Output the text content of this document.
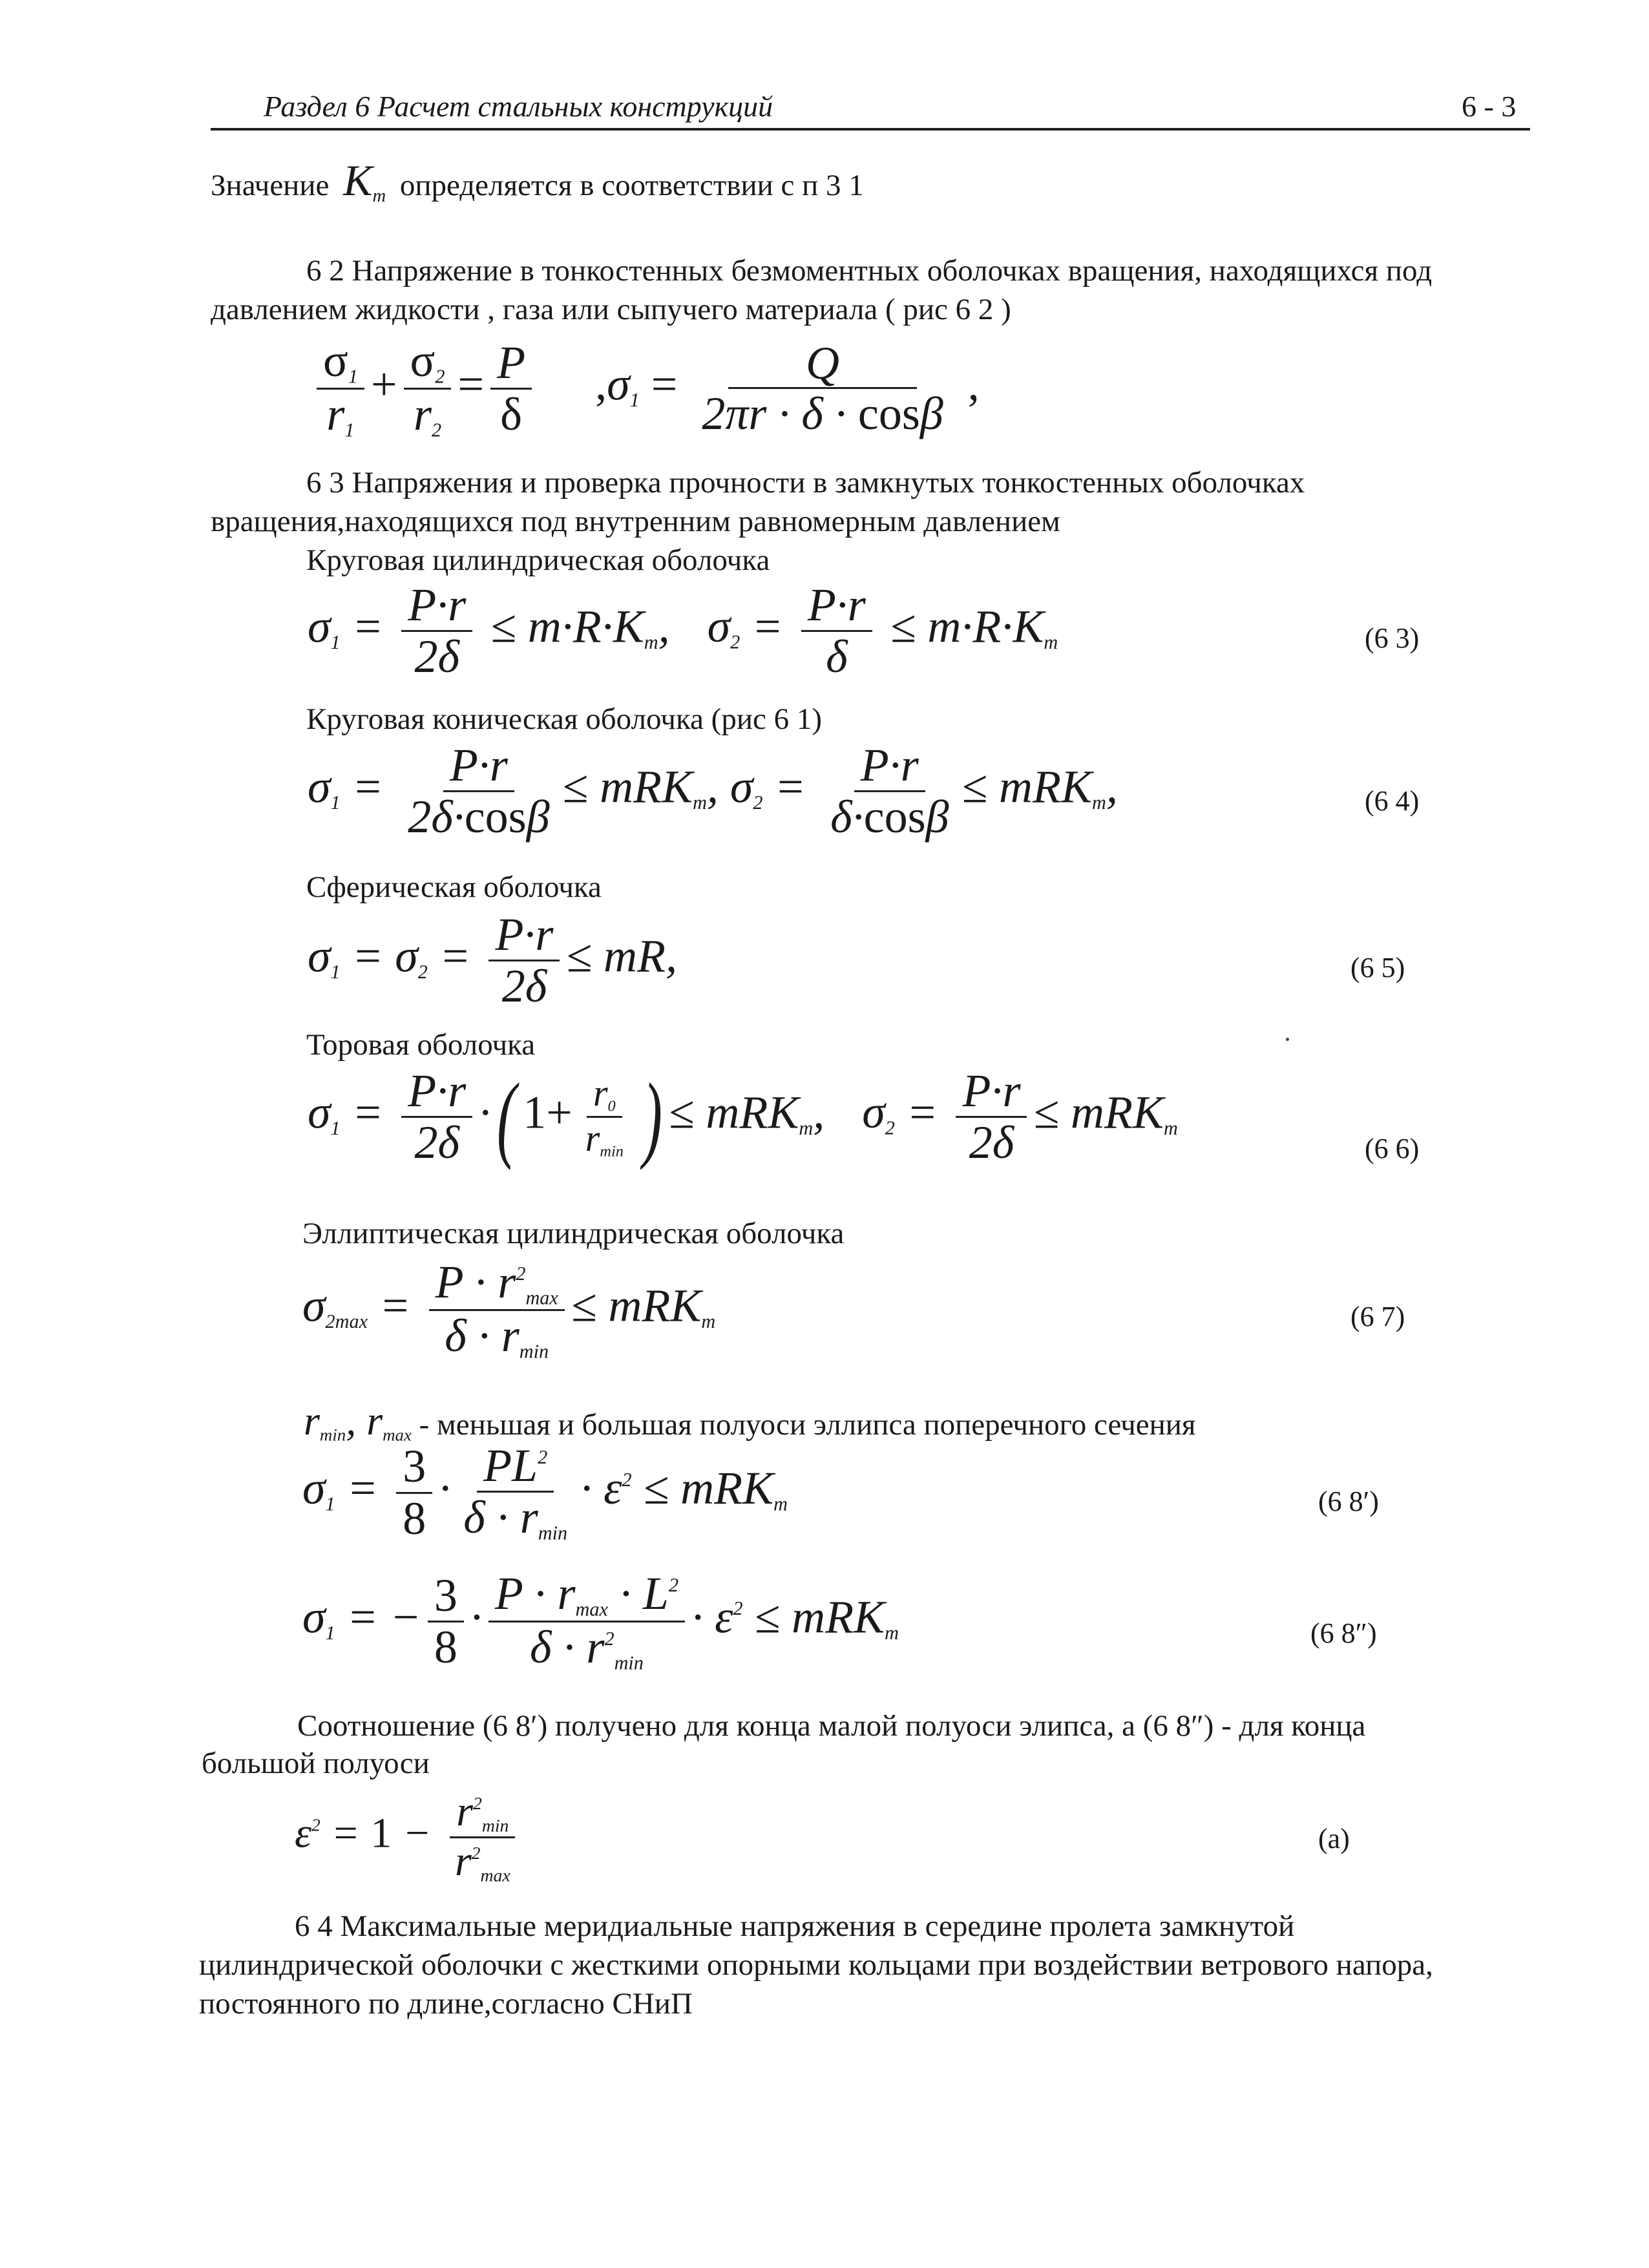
Раздел 6 Расчет стальных конструкций	6 - 3
Значение $K_m$ определяется в соответствии с п 3 1
6 2 Напряжение в тонкостенных безмоментных оболочках вращения, находящихся под
давлением жидкости , газа или сыпучего материала ( рис 6 2 )
$\frac{\sigma_1}{r_1} + \frac{\sigma_2}{r_2} = \frac{P}{\delta} ,\sigma_1 = \frac{Q}{2\pi r \cdot \delta \cdot \cos\beta}$ ,
6 3 Напряжения и проверка прочности в замкнутых тонкостенных оболочках
вращения,находящихся под внутренним равномерным давлением
Круговая цилиндрическая оболочка
$\sigma_1 = \frac{P\cdot r}{2\delta} \le m\cdot R\cdot K_m$, $\sigma_2 = \frac{P\cdot r}{\delta} \le m\cdot R\cdot K_m$	(6 3)
Круговая коническая оболочка (рис 6 1)
$\sigma_1 = \frac{P\cdot r}{2\delta\cdot\cos\beta} \le mRK_m$, $\sigma_2 = \frac{P\cdot r}{\delta\cdot\cos\beta} \le mRK_m$,	(6 4)
Сферическая оболочка
$\sigma_1 = \sigma_2 = \frac{P\cdot r}{2\delta}$ ≤ mR,	(6 5)
Торовая оболочка
$\sigma_1 = \frac{P\cdot r}{2\delta}$ ·( $1+ r_0$
$r_{min}$ ) ≤ mRK$_m$, $\sigma_2 = \frac{P\cdot r}{2\delta} \le mRK_m$
(6 6)
Эллиптическая цилиндрическая оболочка
$\sigma_{2max} = P \cdot r^2_{max}$
$\delta \cdot r_{min}$
≤ mRK$_m$	(6 7)
$r_{min}$, $r_{max}$ - меньшая и большая полуоси эллипса поперечного сечения
$\sigma_1 = \frac{3}{8} \cdot PL^2$
$\delta \cdot r_{min}$
· $\varepsilon^2 \le mRK_m$	(6 8′)
$\sigma_1$ = − $\frac{3}{8} \cdot P \cdot r_{max} \cdot L^2$
$\delta \cdot r^2_{min}$
· $\varepsilon^2 \le mRK_m$	(6 8″)
Соотношение (6 8′) получено для конца малой полуоси элипса, а (6 8″) - для конца
большой полуоси
$\varepsilon^2 = 1 - r^2_{min}$
$r^2_{max}$
(а)
6 4 Максимальные меридиальные напряжения в середине пролета замкнутой
цилиндрической оболочки с жесткими опорными кольцами при воздействии ветрового напора,
постоянного по длине,согласно СНиП
